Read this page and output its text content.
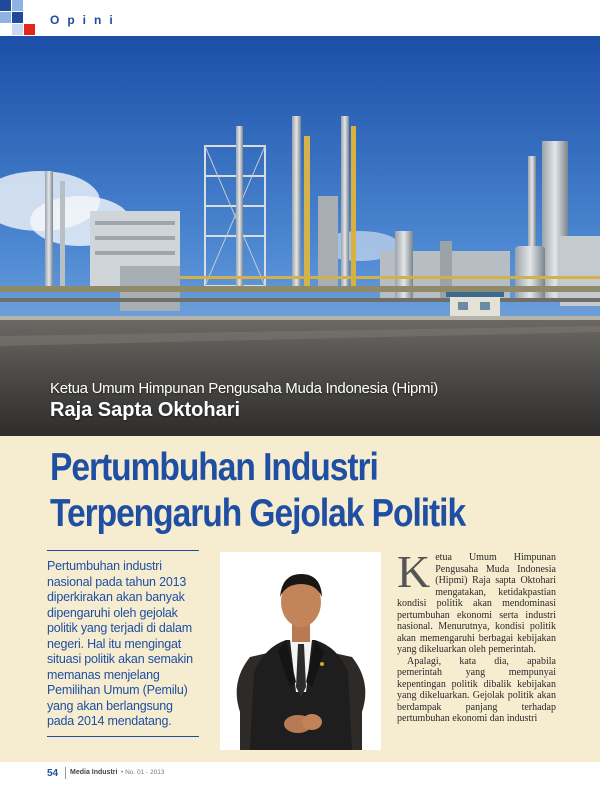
Opini
Ketua Umum Himpunan Pengusaha Muda Indonesia (Hipmi)
Raja Sapta Oktohari
Pertumbuhan Industri
Terpengaruh Gejolak Politik

Pertumbuhan industri nasional pada tahun 2013 diperkirakan akan banyak dipengaruhi oleh gejolak politik yang terjadi di dalam negeri. Hal itu mengingat situasi politik akan semakin memanas menjelang Pemilihan Umum (Pemilu) yang akan berlangsung pada 2014 mendatang.

Ketua Umum Himpunan Pengusaha Muda Indonesia (Hipmi) Raja sapta Oktohari mengatakan, ketidakpastian kondisi politik akan mendominasi pertumbuhan ekonomi serta industri nasional. Menurutnya, kondisi politik akan memengaruhi berbagai kebijakan yang dikeluarkan oleh pemerintah.

Apalagi, kata dia, apabila pemerintah yang mempunyai kepentingan politik dibalik kebijakan yang dikeluarkan. Gejolak politik akan berdampak panjang terhadap pertumbuhan ekonomi dan industri

54 Media Industri • No. 01 - 2013
